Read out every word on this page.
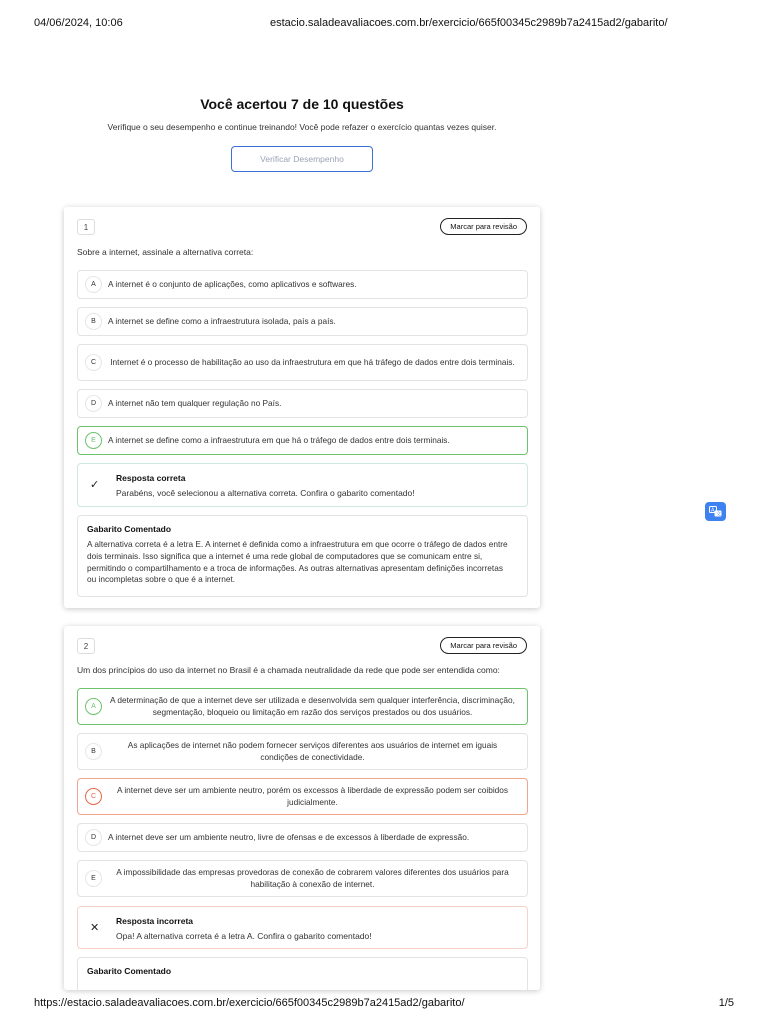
04/06/2024, 10:06	estacio.saladeavaliacoes.com.br/exercicio/665f00345c2989b7a2415ad2/gabarito/
Você acertou 7 de 10 questões
Verifique o seu desempenho e continue treinando! Você pode refazer o exercício quantas vezes quiser.
Verificar Desempenho
1	Marcar para revisão
Sobre a internet, assinale a alternativa correta:
A	A internet é o conjunto de aplicações, como aplicativos e softwares.
B	A internet se define como a infraestrutura isolada, país a país.
C	Internet é o processo de habilitação ao uso da infraestrutura em que há tráfego de dados entre dois terminais.
D	A internet não tem qualquer regulação no País.
E	A internet se define como a infraestrutura em que há o tráfego de dados entre dois terminais.
✓
Resposta correta
Parabéns, você selecionou a alternativa correta. Confira o gabarito comentado!
Gabarito Comentado
A alternativa correta é a letra E. A internet é definida como a infraestrutura em que ocorre o tráfego de dados entre dois terminais. Isso significa que a internet é uma rede global de computadores que se comunicam entre si, permitindo o compartilhamento e a troca de informações. As outras alternativas apresentam definições incorretas ou incompletas sobre o que é a internet.
2	Marcar para revisão
Um dos princípios do uso da internet no Brasil é a chamada neutralidade da rede que pode ser entendida como:
A
A determinação de que a internet deve ser utilizada e desenvolvida sem qualquer interferência, discriminação, segmentação, bloqueio ou limitação em razão dos serviços prestados ou dos usuários.
B
As aplicações de internet não podem fornecer serviços diferentes aos usuários de internet em iguais condições de conectividade.
C
A internet deve ser um ambiente neutro, porém os excessos à liberdade de expressão podem ser coibidos judicialmente.
D	A internet deve ser um ambiente neutro, livre de ofensas e de excessos à liberdade de expressão.
E
A impossibilidade das empresas provedoras de conexão de cobrarem valores diferentes dos usuários para habilitação à conexão de internet.
✕
Resposta incorreta
Opa! A alternativa correta é a letra A. Confira o gabarito comentado!
Gabarito Comentado
A
文
https://estacio.saladeavaliacoes.com.br/exercicio/665f00345c2989b7a2415ad2/gabarito/	1/5
